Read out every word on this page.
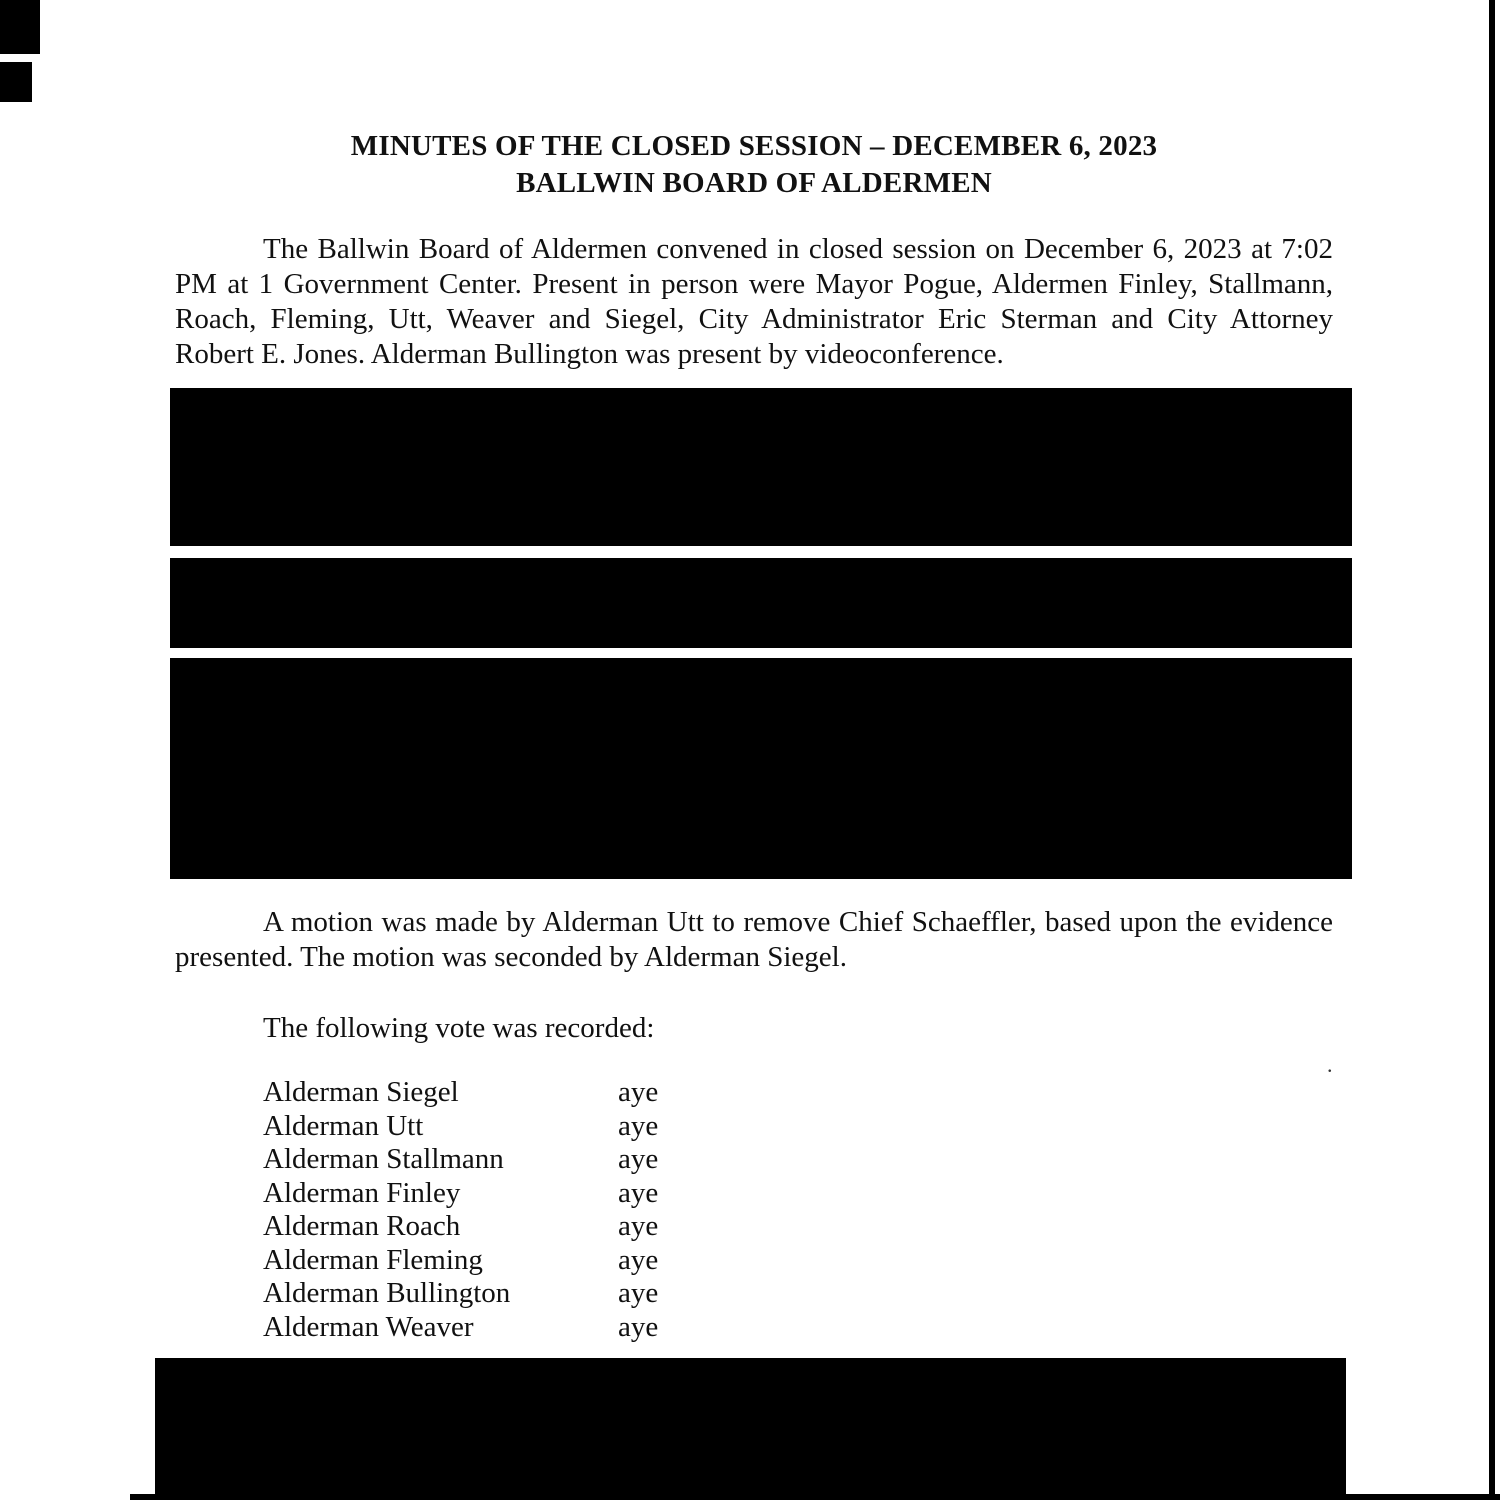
MINUTES OF THE CLOSED SESSION – DECEMBER 6, 2023
BALLWIN BOARD OF ALDERMEN

The Ballwin Board of Aldermen convened in closed session on December 6, 2023 at 7:02 PM at 1 Government Center. Present in person were Mayor Pogue, Aldermen Finley, Stallmann, Roach, Fleming, Utt, Weaver and Siegel, City Administrator Eric Sterman and City Attorney Robert E. Jones. Alderman Bullington was present by videoconference.

A motion was made by Alderman Utt to remove Chief Schaeffler, based upon the evidence presented. The motion was seconded by Alderman Siegel.

The following vote was recorded:
Alderman Siegel	aye
Alderman Utt	aye
Alderman Stallmann	aye
Alderman Finley	aye
Alderman Roach	aye
Alderman Fleming	aye
Alderman Bullington	aye
Alderman Weaver	aye
.
